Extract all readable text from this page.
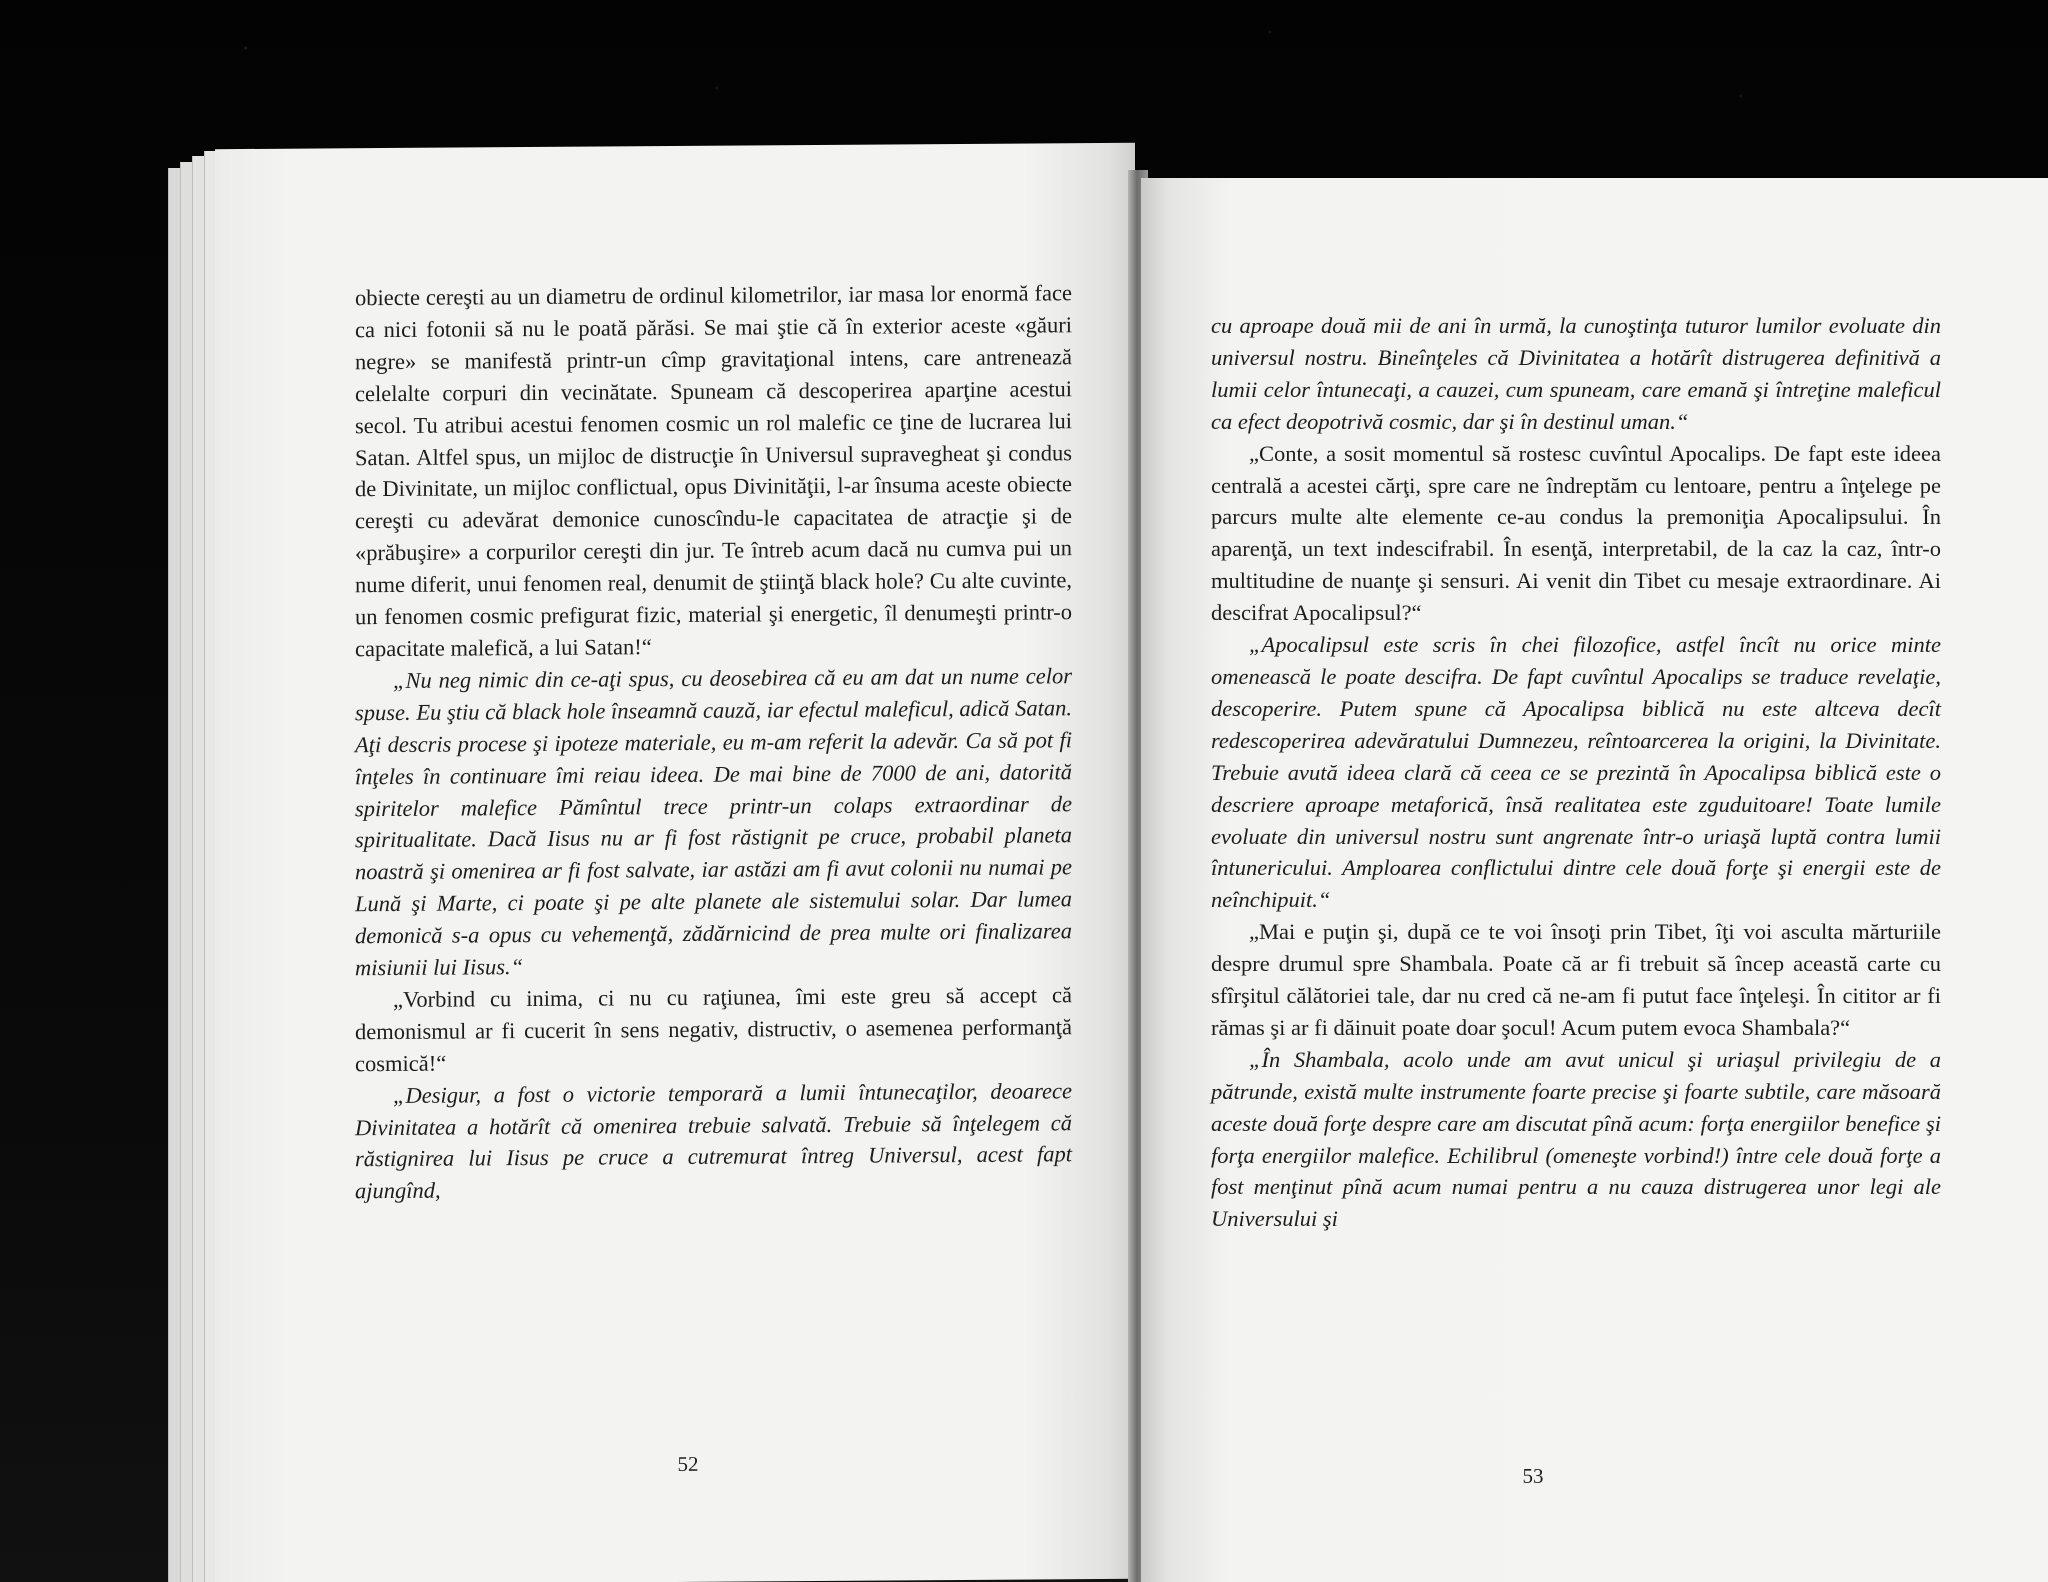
obiecte cereşti au un diametru de ordinul kilometrilor, iar masa lor enormă face ca nici fotonii să nu le poată părăsi. Se mai ştie că în exterior aceste «găuri negre» se manifestă printr-un cîmp gravitaţional intens, care antrenează celelalte corpuri din vecinătate. Spuneam că descoperirea aparţine acestui secol. Tu atribui acestui fenomen cosmic un rol malefic ce ţine de lucrarea lui Satan. Altfel spus, un mijloc de distrucţie în Universul supravegheat şi condus de Divinitate, un mijloc conflictual, opus Divinităţii, l-ar însuma aceste obiecte cereşti cu adevărat demonice cunoscîndu-le capacitatea de atracţie şi de «prăbuşire» a corpurilor cereşti din jur. Te întreb acum dacă nu cumva pui un nume diferit, unui fenomen real, denumit de ştiinţă black hole? Cu alte cuvinte, un fenomen cosmic prefigurat fizic, material şi energetic, îl denumeşti printr-o capacitate malefică, a lui Satan!“

„Nu neg nimic din ce-aţi spus, cu deosebirea că eu am dat un nume celor spuse. Eu ştiu că black hole înseamnă cauză, iar efectul maleficul, adică Satan. Aţi descris procese şi ipoteze materiale, eu m-am referit la adevăr. Ca să pot fi înţeles în continuare îmi reiau ideea. De mai bine de 7000 de ani, datorită spiritelor malefice Pămîntul trece printr-un colaps extraordinar de spiritualitate. Dacă Iisus nu ar fi fost răstignit pe cruce, probabil planeta noastră şi omenirea ar fi fost salvate, iar astăzi am fi avut colonii nu numai pe Lună şi Marte, ci poate şi pe alte planete ale sistemului solar. Dar lumea demonică s-a opus cu vehemenţă, zădărnicind de prea multe ori finalizarea misiunii lui Iisus.“

„Vorbind cu inima, ci nu cu raţiunea, îmi este greu să accept că demonismul ar fi cucerit în sens negativ, distructiv, o asemenea performanţă cosmică!“

„Desigur, a fost o victorie temporară a lumii întunecaţilor, deoarece Divinitatea a hotărît că omenirea trebuie salvată. Trebuie să înţelegem că răstignirea lui Iisus pe cruce a cutremurat întreg Universul, acest fapt ajungînd,

52

cu aproape două mii de ani în urmă, la cunoştinţa tuturor lumilor evoluate din universul nostru. Bineînţeles că Divinitatea a hotărît distrugerea definitivă a lumii celor întunecaţi, a cauzei, cum spuneam, care emană şi întreţine maleficul ca efect deopotrivă cosmic, dar şi în destinul uman.“

„Conte, a sosit momentul să rostesc cuvîntul Apocalips. De fapt este ideea centrală a acestei cărţi, spre care ne îndreptăm cu lentoare, pentru a înţelege pe parcurs multe alte elemente ce-au condus la premoniţia Apocalipsului. În aparenţă, un text indescifrabil. În esenţă, interpretabil, de la caz la caz, într-o multitudine de nuanţe şi sensuri. Ai venit din Tibet cu mesaje extraordinare. Ai descifrat Apocalipsul?“

„Apocalipsul este scris în chei filozofice, astfel încît nu orice minte omenească le poate descifra. De fapt cuvîntul Apocalips se traduce revelaţie, descoperire. Putem spune că Apocalipsa biblică nu este altceva decît redescoperirea adevăratului Dumnezeu, reîntoarcerea la origini, la Divinitate. Trebuie avută ideea clară că ceea ce se prezintă în Apocalipsa biblică este o descriere aproape metaforică, însă realitatea este zguduitoare! Toate lumile evoluate din universul nostru sunt angrenate într-o uriaşă luptă contra lumii întunericului. Amploarea conflictului dintre cele două forţe şi energii este de neînchipuit.“

„Mai e puţin şi, după ce te voi însoţi prin Tibet, îţi voi asculta mărturiile despre drumul spre Shambala. Poate că ar fi trebuit să încep această carte cu sfîrşitul călătoriei tale, dar nu cred că ne-am fi putut face înţeleşi. În cititor ar fi rămas şi ar fi dăinuit poate doar şocul! Acum putem evoca Shambala?“

„În Shambala, acolo unde am avut unicul şi uriaşul privilegiu de a pătrunde, există multe instrumente foarte precise şi foarte subtile, care măsoară aceste două forţe despre care am discutat pînă acum: forţa energiilor benefice şi forţa energiilor malefice. Echilibrul (omeneşte vorbind!) între cele două forţe a fost menţinut pînă acum numai pentru a nu cauza distrugerea unor legi ale Universului şi

53
